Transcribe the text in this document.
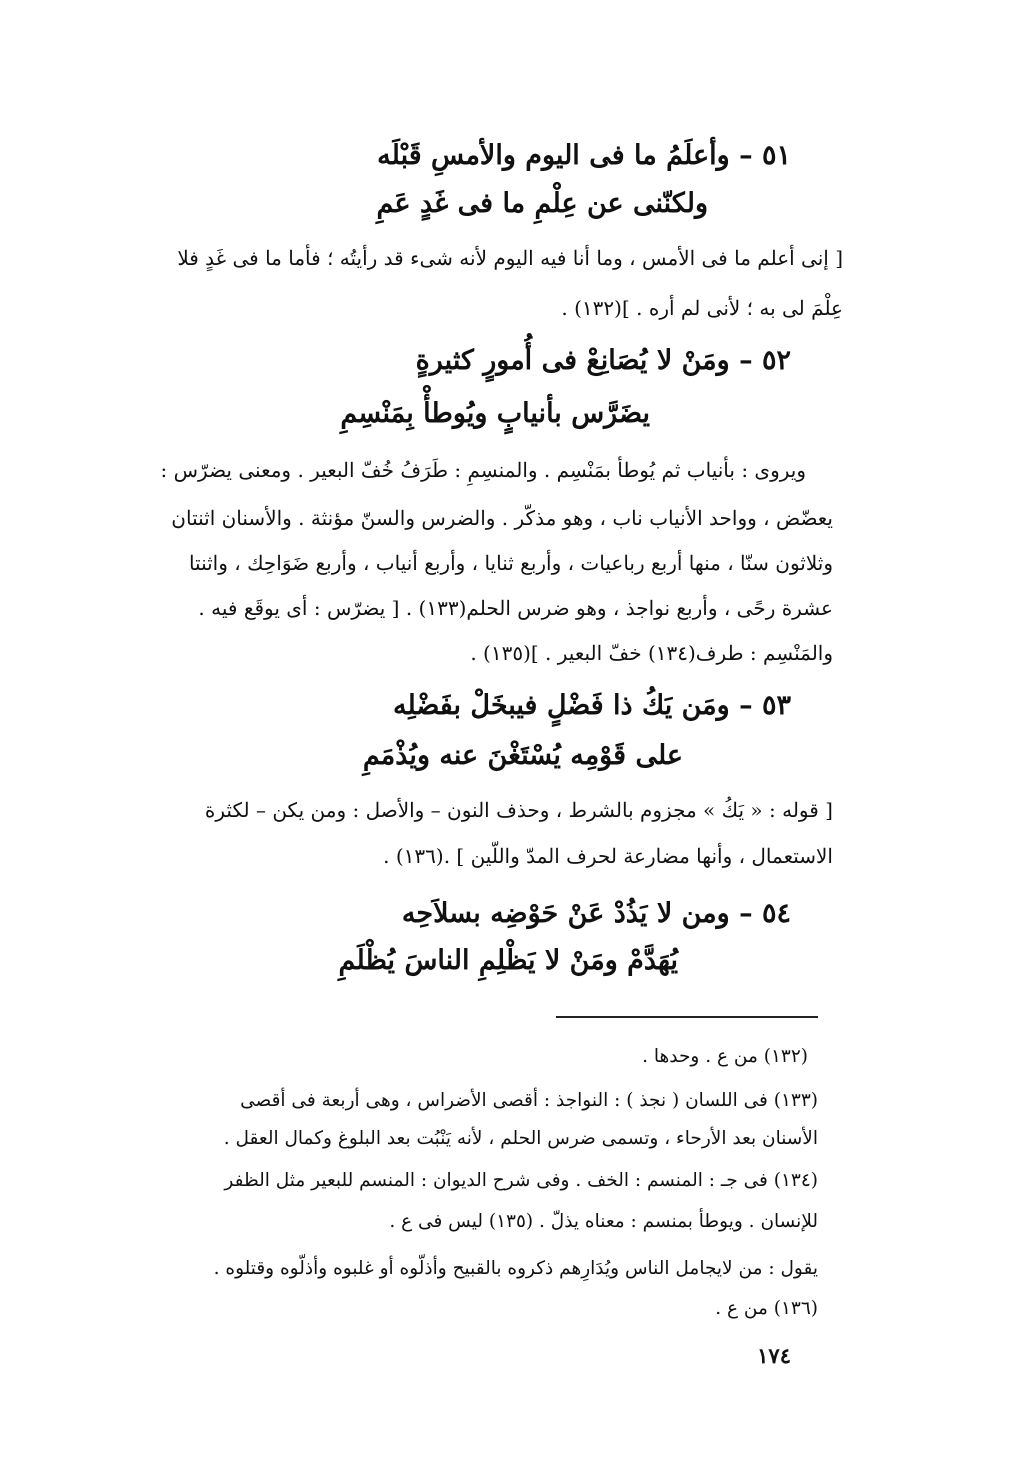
٥١ – وأعلَمُ ما فى اليوم والأمسِ قَبْلَه
ولكنّنى عن عِلْمِ ما فى غَدٍ عَمِ
[ إنى أعلم ما فى الأمس ، وما أنا فيه اليوم لأنه شىء قد رأيتُه ؛ فأما ما فى غَدٍ فلا
عِلْمَ لى به ؛ لأنى لم أره . ](١٣٢) .
٥٢ – ومَنْ لا يُصَانِعْ فى أُمورٍ كثيرةٍ
يضَرَّس بأنيابٍ ويُوطأْ بِمَنْسِمِ
ويروى : بأنياب ثم يُوطأ بمَنْسِم . والمنسِمِ : طَرَفُ خُفّ البعير . ومعنى يضرّس :
يعضّض ، وواحد الأنياب ناب ، وهو مذكّر . والضرس والسنّ مؤنثة . والأسنان اثنتان
وثلاثون سنّا ، منها أربع رباعيات ، وأربع ثنايا ، وأربع أنياب ، وأربع ضَوَاحِك ، واثنتا
عشرة رحًى ، وأربع نواجذ ، وهو ضرس الحلم(١٣٣) . [ يضرّس : أى يوقَع فيه .
والمَنْسِم : طرف(١٣٤) خفّ البعير . ](١٣٥) .
٥٣ – ومَن يَكُ ذا فَضْلٍ فيبخَلْ بفَضْلِه
على قَوْمِه يُسْتَغْنَ عنه ويُذْمَمِ
[ قوله : « يَكُ » مجزوم بالشرط ، وحذف النون – والأصل : ومن يكن – لكثرة
الاستعمال ، وأنها مضارعة لحرف المدّ واللّين ] .(١٣٦) .
٥٤ – ومن لا يَذُدْ عَنْ حَوْضِه بسلاَحِه
يُهَدَّمْ ومَنْ لا يَظْلِمِ الناسَ يُظْلَمِ
(١٣٢) من ع . وحدها .
(١٣٣) فى اللسان ( نجذ ) : النواجذ : أقصى الأضراس ، وهى أربعة فى أقصى
الأسنان بعد الأرحاء ، وتسمى ضرس الحلم ، لأنه يَنْبُت بعد البلوغ وكمال العقل .
(١٣٤) فى جـ : المنسم : الخف . وفى شرح الديوان : المنسم للبعير مثل الظفر
للإنسان . ويوطأ بمنسم : معناه يذلّ . (١٣٥) ليس فى ع .
يقول : من لايجامل الناس ويُدَارِهم ذكروه بالقبيح وأذلّوه أو غلبوه وأذلّوه وقتلوه .
(١٣٦) من ع .
١٧٤
